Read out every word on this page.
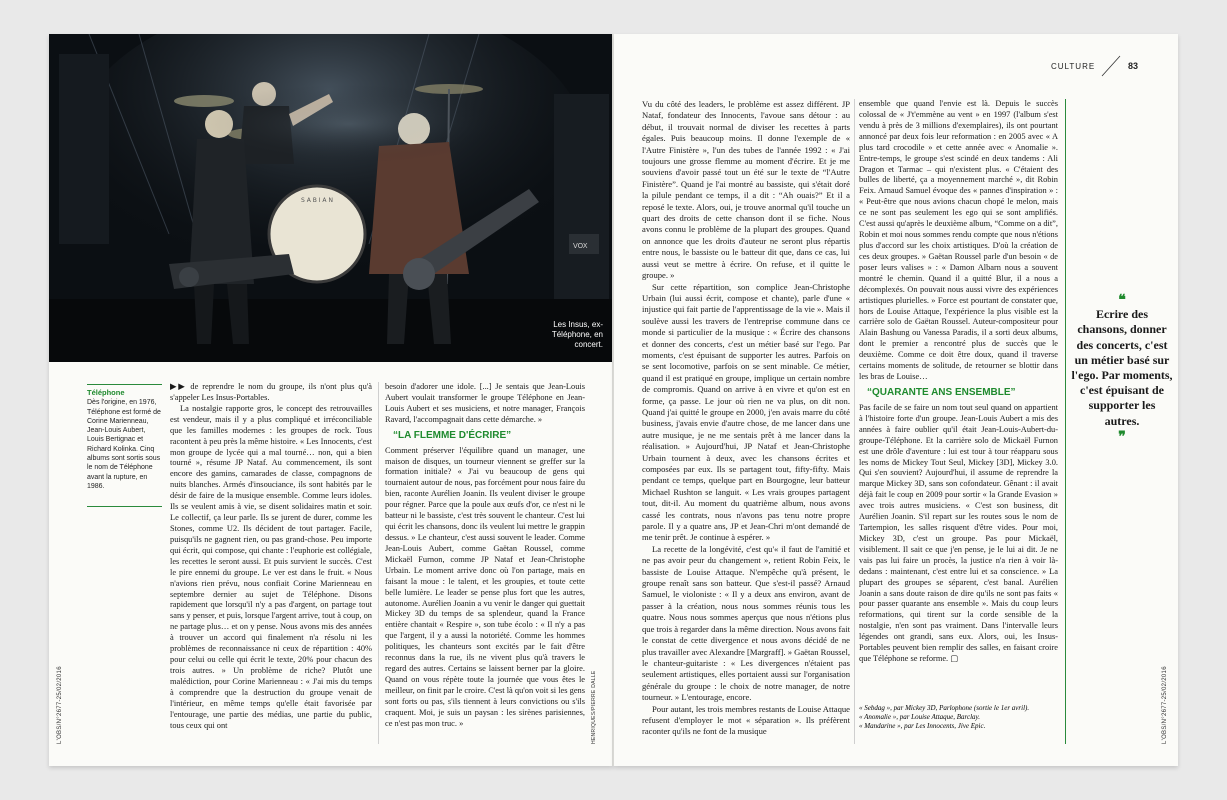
S A B I A N
VOX
Les Insus, ex-Téléphone, en concert.
L'OBS/N°2677-25/02/2016	HENRIQUES/PIERRE DALLE
Téléphone
Dès l'origine, en 1976, Téléphone est formé de Corine Marienneau, Jean-Louis Aubert, Louis Bertignac et Richard Kolinka. Cinq albums sont sortis sous le nom de Téléphone avant la rupture, en 1986.

▶▶ de reprendre le nom du groupe, ils n'ont plus qu'à s'appeler Les Insus-Portables.

La nostalgie rapporte gros, le concept des retrouvailles est vendeur, mais il y a plus compliqué et irréconciliable que les familles modernes : les groupes de rock. Tous racontent à peu près la même histoire. « Les Innocents, c'est mon groupe de lycée qui a mal tourné… non, qui a bien tourné », résume JP Nataf. Au commencement, ils sont encore des gamins, camarades de classe, compagnons de nuits blanches. Armés d'insouciance, ils sont habités par le désir de faire de la musique ensemble. Comme leurs idoles. Ils se veulent amis à vie, se disent solidaires matin et soir. Le collectif, ça leur parle. Ils se jurent de durer, comme les Stones, comme U2. Ils décident de tout partager. Facile, puisqu'ils ne gagnent rien, ou pas grand-chose. Peu importe qui écrit, qui compose, qui chante : l'euphorie est collégiale, les recettes le seront aussi. Et puis survient le succès. C'est le pire ennemi du groupe. Le ver est dans le fruit. « Nous n'avions rien prévu, nous confiait Corine Marienneau en septembre dernier au sujet de Téléphone. Disons rapidement que lorsqu'il n'y a pas d'argent, on partage tout sans y penser, et puis, lorsque l'argent arrive, tout à coup, on ne partage plus… et on y pense. Nous avons mis des années à trouver un accord qui finalement n'a résolu ni les problèmes de reconnaissance ni ceux de répartition : 40% pour celui ou celle qui écrit le texte, 20% pour chacun des trois autres. » Un problème de riche? Plutôt une malédiction, pour Corine Marienneau : « J'ai mis du temps à comprendre que la destruction du groupe venait de l'intérieur, en même temps qu'elle était favorisée par l'entourage, une partie des médias, une partie du public, tous ceux qui ont

besoin d'adorer une idole. [...] Je sentais que Jean-Louis Aubert voulait transformer le groupe Téléphone en Jean-Louis Aubert et ses musiciens, et notre manager, François Ravard, l'accompagnait dans cette démarche. »

“LA FLEMME D'ÉCRIRE”

Comment préserver l'équilibre quand un manager, une maison de disques, un tourneur viennent se greffer sur la formation initiale? « J'ai vu beaucoup de gens qui tournaient autour de nous, pas forcément pour nous faire du bien, raconte Aurélien Joanin. Ils veulent diviser le groupe pour régner. Parce que la poule aux œufs d'or, ce n'est ni le batteur ni le bassiste, c'est très souvent le chanteur. C'est lui qui écrit les chansons, donc ils veulent lui mettre le grappin dessus. » Le chanteur, c'est aussi souvent le leader. Comme Jean-Louis Aubert, comme Gaëtan Roussel, comme Mickaël Furnon, comme JP Nataf et Jean-Christophe Urbain. Le moment arrive donc où l'on partage, mais en faisant la moue : le talent, et les groupies, et toute cette belle lumière. Le leader se pense plus fort que les autres, autonome. Aurélien Joanin a vu venir le danger qui guettait Mickey 3D du temps de sa splendeur, quand la France entière chantait « Respire », son tube écolo : « Il n'y a pas que l'argent, il y a aussi la notoriété. Comme les hommes politiques, les chanteurs sont excités par le fait d'être reconnus dans la rue, ils ne vivent plus qu'à travers le regard des autres. Certains se laissent berner par la gloire. Quand on vous répète toute la journée que vous êtes le meilleur, on finit par le croire. C'est là qu'on voit si les gens sont forts ou pas, s'ils tiennent à leurs convictions ou s'ils craquent. Moi, je suis un paysan : les sirènes parisiennes, ce n'est pas mon truc. »

CULTURE	83

Vu du côté des leaders, le problème est assez différent. JP Nataf, fondateur des Innocents, l'avoue sans détour : au début, il trouvait normal de diviser les recettes à parts égales. Puis beaucoup moins. Il donne l'exemple de « l'Autre Finistère », l'un des tubes de l'année 1992 : « J'ai toujours une grosse flemme au moment d'écrire. Et je me souviens d'avoir passé tout un été sur le texte de “l'Autre Finistère”. Quand je l'ai montré au bassiste, qui s'était doré la pilule pendant ce temps, il a dit : “Ah ouais?” Et il a reposé le texte. Alors, oui, je trouve anormal qu'il touche un quart des droits de cette chanson dont il se fiche. Nous avons connu le problème de la plupart des groupes. Quand on annonce que les droits d'auteur ne seront plus répartis entre nous, le bassiste ou le batteur dit que, dans ce cas, lui aussi veut se mettre à écrire. On refuse, et il quitte le groupe. »

Sur cette répartition, son complice Jean-Christophe Urbain (lui aussi écrit, compose et chante), parle d'une « injustice qui fait partie de l'apprentissage de la vie ». Mais il soulève aussi les travers de l'entreprise commune dans ce monde si particulier de la musique : « Écrire des chansons et donner des concerts, c'est un métier basé sur l'ego. Par moments, c'est épuisant de supporter les autres. Parfois on se sent locomotive, parfois on se sent minable. Ce métier, quand il est pratiqué en groupe, implique un certain nombre de compromis. Quand on arrive à en vivre et qu'on est en forme, ça passe. Le jour où rien ne va plus, on dit non. Quand j'ai quitté le groupe en 2000, j'en avais marre du côté business, j'avais envie d'autre chose, de me lancer dans une autre musique, je ne me sentais prêt à me lancer dans la réalisation. » Aujourd'hui, JP Nataf et Jean-Christophe Urbain tournent à deux, avec les chansons écrites et composées par eux. Ils se partagent tout, fifty-fifty. Mais pendant ce temps, quelque part en Bourgogne, leur batteur Michael Rushton se languit. « Les vrais groupes partagent tout, dit-il. Au moment du quatrième album, nous avons cassé les contrats, nous n'avons pas tenu notre propre parole. Il y a quatre ans, JP et Jean-Chri m'ont demandé de me tenir prêt. Je continue à espérer. »

La recette de la longévité, c'est qu'« il faut de l'amitié et ne pas avoir peur du changement », retient Robin Feix, le bassiste de Louise Attaque. N'empêche qu'à présent, le groupe renaît sans son batteur. Que s'est-il passé? Arnaud Samuel, le violoniste : « Il y a deux ans environ, avant de passer à la création, nous nous sommes réunis tous les quatre. Nous nous sommes aperçus que nous n'étions plus que trois à regarder dans la même direction. Nous avons fait le constat de cette divergence et nous avons décidé de ne plus travailler avec Alexandre [Margraff]. » Gaëtan Roussel, le chanteur-guitariste : « Les divergences n'étaient pas seulement artistiques, elles portaient aussi sur l'organisation générale du groupe : le choix de notre manager, de notre tourneur. » L'entourage, encore.

Pour autant, les trois membres restants de Louise Attaque refusent d'employer le mot « séparation ». Ils préfèrent raconter qu'ils ne font de la musique

ensemble que quand l'envie est là. Depuis le succès colossal de « J't'emmène au vent » en 1997 (l'album s'est vendu à près de 3 millions d'exemplaires), ils ont pourtant annoncé par deux fois leur reformation : en 2005 avec « A plus tard crocodile » et cette année avec « Anomalie ». Entre-temps, le groupe s'est scindé en deux tandems : Ali Dragon et Tarmac – qui n'existent plus. « C'étaient des bulles de liberté, ça a moyennement marché », dit Robin Feix. Arnaud Samuel évoque des « pannes d'inspiration » : « Peut-être que nous avions chacun chopé le melon, mais ce ne sont pas seulement les ego qui se sont amplifiés. C'est aussi qu'après le deuxième album, “Comme on a dit”, Robin et moi nous sommes rendu compte que nous n'étions plus d'accord sur les choix artistiques. D'où la création de ces deux groupes. » Gaëtan Roussel parle d'un besoin « de poser leurs valises » : « Damon Albarn nous a souvent montré le chemin. Quand il a quitté Blur, il a nous a décomplexés. On pouvait nous aussi vivre des expériences artistiques plurielles. » Force est pourtant de constater que, hors de Louise Attaque, l'expérience la plus visible est la carrière solo de Gaëtan Roussel. Auteur-compositeur pour Alain Bashung ou Vanessa Paradis, il a sorti deux albums, dont le premier a rencontré plus de succès que le deuxième. Comme ce doit être doux, quand il traverse certains moments de solitude, de retourner se blottir dans les bras de Louise…

“QUARANTE ANS ENSEMBLE”

Pas facile de se faire un nom tout seul quand on appartient à l'histoire forte d'un groupe. Jean-Louis Aubert a mis des années à faire oublier qu'il était Jean-Louis-Aubert-du-groupe-Téléphone. Et la carrière solo de Mickaël Furnon est une drôle d'aventure : lui est tour à tour réapparu sous les noms de Mickey Tout Seul, Mickey [3D], Mickey 3.0. Qui s'en souvient? Aujourd'hui, il assume de reprendre la marque Mickey 3D, sans son cofondateur. Gênant : il avait déjà fait le coup en 2009 pour sortir « la Grande Evasion » avec trois autres musiciens. « C'est son business, dit Aurélien Joanin. S'il repart sur les routes sous le nom de Tartempion, les salles risquent d'être vides. Pour moi, Mickey 3D, c'est un groupe. Pas pour Mickaël, visiblement. Il sait ce que j'en pense, je le lui ai dit. Je ne vais pas lui faire un procès, la justice n'a rien à voir là-dedans : maintenant, c'est entre lui et sa conscience. » La plupart des groupes se séparent, c'est banal. Aurélien Joanin a sans doute raison de dire qu'ils ne sont pas faits « pour passer quarante ans ensemble ». Mais du coup leurs reformations, qui tirent sur la corde sensible de la nostalgie, n'en sont pas vraiment. Dans l'intervalle leurs légendes ont grandi, sans eux. Alors, oui, les Insus-Portables peuvent bien remplir des salles, en faisant croire que Téléphone se reforme. ▢

« Sebdag », par Mickey 3D, Parlophone (sortie le 1er avril).
« Anomalie », par Louise Attaque, Barclay.
« Mandarine », par Les Innocents, Jive Epic.
❝
Ecrire des chansons, donner des concerts, c'est un métier basé sur l'ego. Par moments, c'est épuisant de supporter les autres.
❞
L'OBS/N°2677-25/02/2016
